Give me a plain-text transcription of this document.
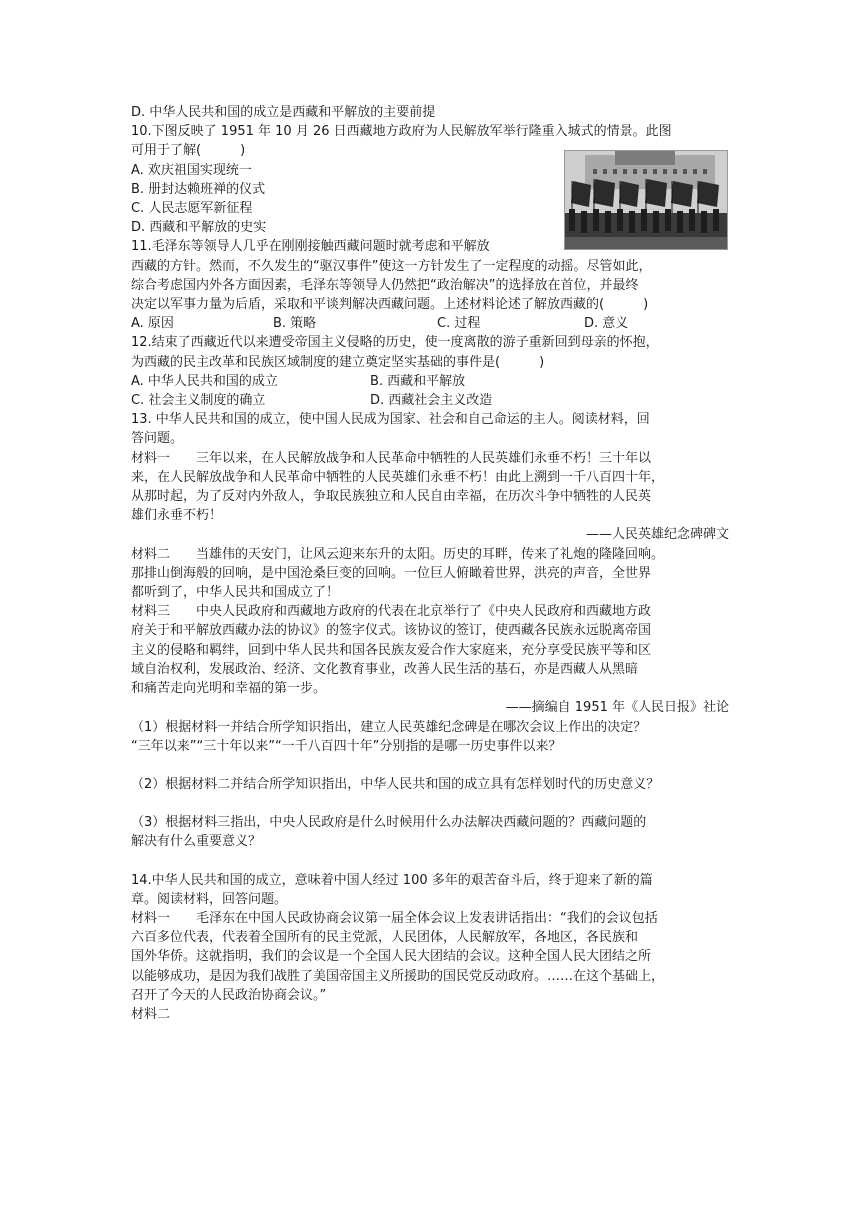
D. 中华人民共和国的成立是西藏和平解放的主要前提
10.下图反映了 1951 年 10 月 26 日西藏地方政府为人民解放军举行隆重入城式的情景。此图
可用于了解(　　　)
A. 欢庆祖国实现统一
B. 册封达赖班禅的仪式
C. 人民志愿军新征程
D. 西藏和平解放的史实
11.毛泽东等领导人几乎在刚刚接触西藏问题时就考虑和平解放
西藏的方针。然而，不久发生的“驱汉事件”使这一方针发生了一定程度的动摇。尽管如此，
综合考虑国内外各方面因素，毛泽东等领导人仍然把“政治解决”的选择放在首位，并最终
决定以军事力量为后盾，采取和平谈判解决西藏问题。上述材料论述了解放西藏的(　　　)
A. 原因	B. 策略	C. 过程	D. 意义
12.结束了西藏近代以来遭受帝国主义侵略的历史，使一度离散的游子重新回到母亲的怀抱，
为西藏的民主改革和民族区域制度的建立奠定坚实基础的事件是(　　　)
A. 中华人民共和国的成立	B. 西藏和平解放
C. 社会主义制度的确立	D. 西藏社会主义改造
13. 中华人民共和国的成立，使中国人民成为国家、社会和自己命运的主人。阅读材料，回
答问题。
材料一　　三年以来，在人民解放战争和人民革命中牺牲的人民英雄们永垂不朽！三十年以
来，在人民解放战争和人民革命中牺牲的人民英雄们永垂不朽！由此上溯到一千八百四十年，
从那时起，为了反对内外敌人，争取民族独立和人民自由幸福，在历次斗争中牺牲的人民英
雄们永垂不朽！
——人民英雄纪念碑碑文
材料二　　当雄伟的天安门，让风云迎来东升的太阳。历史的耳畔，传来了礼炮的隆隆回响。
那排山倒海般的回响，是中国沧桑巨变的回响。一位巨人俯瞰着世界，洪亮的声音，全世界
都听到了，中华人民共和国成立了！
材料三　　中央人民政府和西藏地方政府的代表在北京举行了《中央人民政府和西藏地方政
府关于和平解放西藏办法的协议》的签字仪式。该协议的签订，使西藏各民族永远脱离帝国
主义的侵略和羁绊，回到中华人民共和国各民族友爱合作大家庭来，充分享受民族平等和区
域自治权利，发展政治、经济、文化教育事业，改善人民生活的基石，亦是西藏人从黑暗
和痛苦走向光明和幸福的第一步。
——摘编自 1951 年《人民日报》社论
（1）根据材料一并结合所学知识指出，建立人民英雄纪念碑是在哪次会议上作出的决定？
“三年以来”“三十年以来”“一千八百四十年”分别指的是哪一历史事件以来？
（2）根据材料二并结合所学知识指出，中华人民共和国的成立具有怎样划时代的历史意义？
（3）根据材料三指出，中央人民政府是什么时候用什么办法解决西藏问题的？西藏问题的
解决有什么重要意义？
14.中华人民共和国的成立，意味着中国人经过 100 多年的艰苦奋斗后，终于迎来了新的篇
章。阅读材料，回答问题。
材料一　　毛泽东在中国人民政协商会议第一届全体会议上发表讲话指出：“我们的会议包括
六百多位代表，代表着全国所有的民主党派，人民团体，人民解放军，各地区，各民族和
国外华侨。这就指明，我们的会议是一个全国人民大团结的会议。这种全国人民大团结之所
以能够成功，是因为我们战胜了美国帝国主义所援助的国民党反动政府。……在这个基础上，
召开了今天的人民政治协商会议。”
材料二
